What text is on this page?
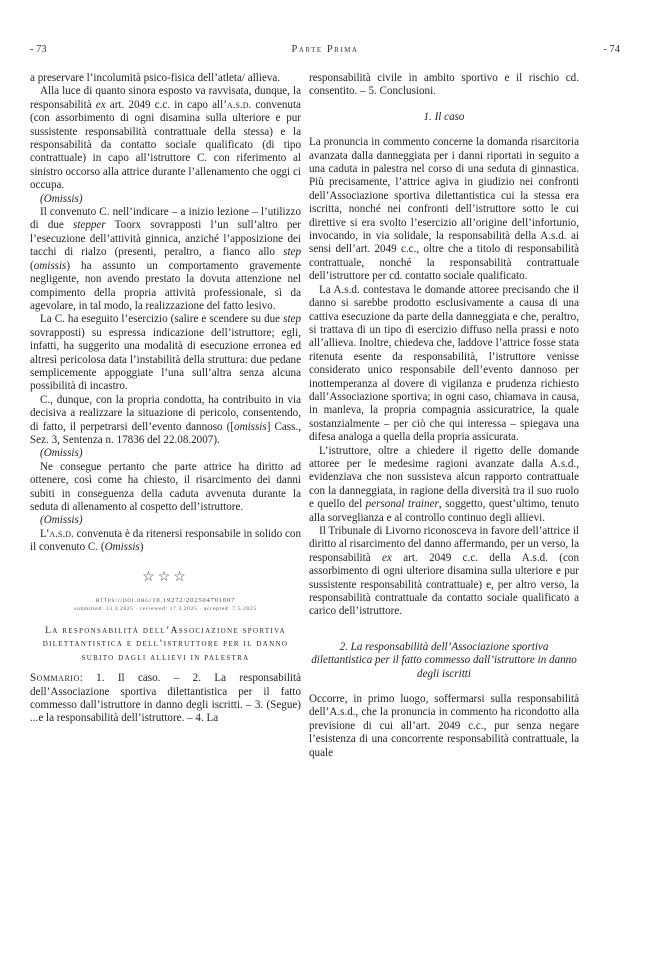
- 73	Parte Prima	- 74

a preservare l’incolumità psico-fisica dell’atleta/ allieva.

Alla luce di quanto sinora esposto va ravvisata, dunque, la responsabilità ex art. 2049 c.c. in capo all’a.s.d. convenuta (con assorbimento di ogni disamina sulla ulteriore e pur sussistente responsabilità contrattuale della stessa) e la responsabilità da contatto sociale qualificato (di tipo contrattuale) in capo all’istruttore C. con riferimento al sinistro occorso alla attrice durante l’allenamento che oggi ci occupa.

(Omissis)

Il convenuto C. nell’indicare – a inizio lezione – l’utilizzo di due stepper Toorx sovrapposti l’un sull’altro per l’esecuzione dell’attività ginnica, anziché l’apposizione dei tacchi di rialzo (presenti, peraltro, a fianco allo step (omissis) ha assunto un comportamento gravemente negligente, non avendo prestato la dovuta attenzione nel compimento della propria attività professionale, sì da agevolare, in tal modo, la realizzazione del fatto lesivo.

La C. ha eseguito l’esercizio (salire e scendere su due step sovrapposti) su espressa indicazione dell’istruttore; egli, infatti, ha suggerito una modalità di esecuzione erronea ed altresì pericolosa data l’instabilità della struttura: due pedane semplicemente appoggiate l’una sull’altra senza alcuna possibilità di incastro.

C., dunque, con la propria condotta, ha contribuito in via decisiva a realizzare la situazione di pericolo, consentendo, di fatto, il perpetrarsi dell’evento dannoso ([omissis] Cass., Sez. 3, Sentenza n. 17836 del 22.08.2007).

(Omissis)

Ne consegue pertanto che parte attrice ha diritto ad ottenere, così come ha chiesto, il risarcimento dei danni subiti in conseguenza della caduta avvenuta durante la seduta di allenamento al cospetto dell’istruttore.

(Omissis)

L’a.s.d. convenuta è da ritenersi responsabile in solido con il convenuto C. (Omissis)

☆☆☆
https://doi.org/10.19272/202504701007
submitted: 13.3.2025 · reviewed: 17.3.2025 · accepted: 7.5.2025
La responsabilità dell’Associazione sportiva dilettantistica e dell’istruttore per il danno subito dagli allievi in palestra

Sommario: 1. Il caso. – 2. La responsabilità dell’Associazione sportiva dilettantistica per il fatto commesso dall’istruttore in danno degli iscritti. – 3. (Segue) ...e la responsabilità dell’istruttore. – 4. La

responsabilità civile in ambito sportivo e il rischio cd. consentito. – 5. Conclusioni.

1. Il caso

La pronuncia in commento concerne la domanda risarcitoria avanzata dalla danneggiata per i danni riportati in seguito a una caduta in palestra nel corso di una seduta di ginnastica. Più precisamente, l’attrice agiva in giudizio nei confronti dell’Associazione sportiva dilettantistica cui la stessa era iscritta, nonché nei confronti dell’istruttore sotto le cui direttive si era svolto l’esercizio all’origine dell’infortunio, invocando, in via solidale, la responsabilità della A.s.d. ai sensi dell’art. 2049 c.c., oltre che a titolo di responsabilità contrattuale, nonché la responsabilità contrattuale dell’istruttore per cd. contatto sociale qualificato.

La A.s.d. contestava le domande attoree precisando che il danno si sarebbe prodotto esclusivamente a causa di una cattiva esecuzione da parte della danneggiata e che, peraltro, si trattava di un tipo di esercizio diffuso nella prassi e noto all’allieva. Inoltre, chiedeva che, laddove l’attrice fosse stata ritenuta esente da responsabilità, l’istruttore venisse considerato unico responsabile dell’evento dannoso per inottemperanza al dovere di vigilanza e prudenza richiesto dall’Associazione sportiva; in ogni caso, chiamava in causa, in manleva, la propria compagnia assicuratrice, la quale sostanzialmente – per ciò che qui interessa – spiegava una difesa analoga a quella della propria assicurata.

L’istruttore, oltre a chiedere il rigetto delle domande attoree per le medesime ragioni avanzate dalla A.s.d., evidenziava che non sussisteva alcun rapporto contrattuale con la danneggiata, in ragione della diversità tra il suo ruolo e quello del personal trainer, soggetto, quest’ultimo, tenuto alla sorveglianza e al controllo continuo degli allievi.

Il Tribunale di Livorno riconosceva in favore dell’attrice il diritto al risarcimento del danno affermando, per un verso, la responsabilità ex art. 2049 c.c. della A.s.d. (con assorbimento di ogni ulteriore disamina sulla ulteriore e pur sussistente responsabilità contrattuale) e, per altro verso, la responsabilità contrattuale da contatto sociale qualificato a carico dell’istruttore.

2. La responsabilità dell’Associazione sportiva dilettantistica per il fatto commesso dall’istruttore in danno degli iscritti

Occorre, in primo luogo, soffermarsi sulla responsabilità dell’A.s.d., che la pronuncia in commento ha ricondotto alla previsione di cui all’art. 2049 c.c., pur senza negare l’esistenza di una concorrente responsabilità contrattuale, la quale
